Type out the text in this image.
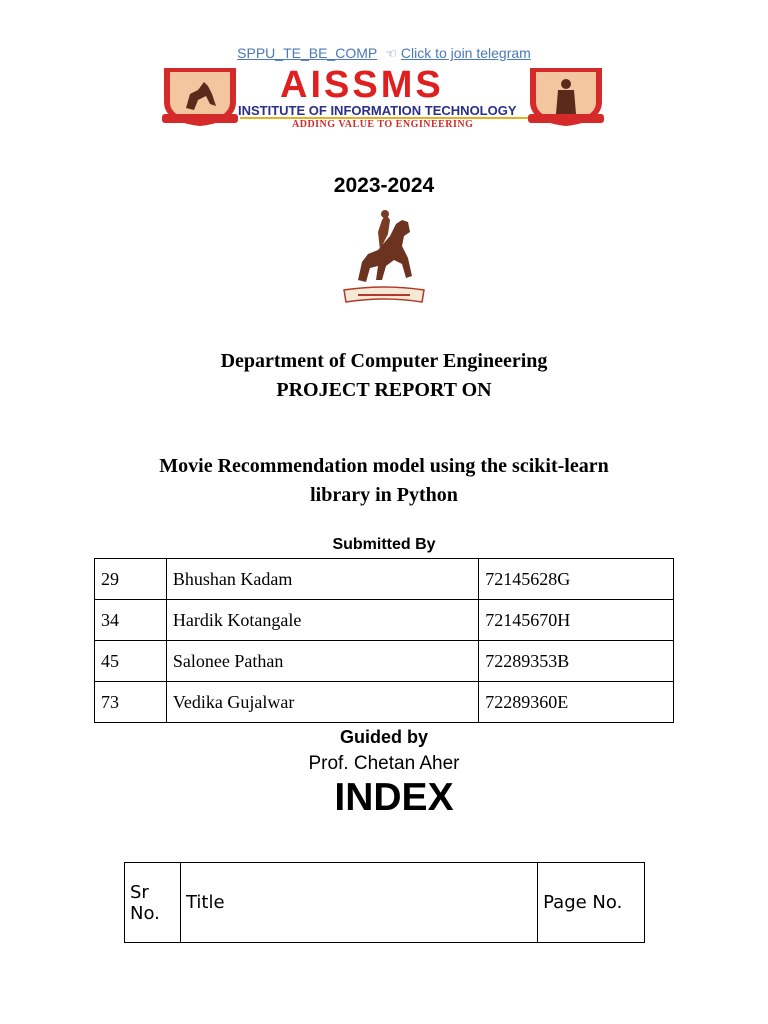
SPPU_TE_BE_COMP ☜ Click to join telegram
AISSMS
INSTITUTE OF INFORMATION TECHNOLOGY
ADDING VALUE TO ENGINEERING
2023-2024
Department of Computer Engineering
PROJECT REPORT ON
Movie Recommendation model using the scikit-learn
library in Python
Submitted By
29	Bhushan Kadam	72145628G
34	Hardik Kotangale	72145670H
45	Salonee Pathan	72289353B
73	Vedika Gujalwar	72289360E
Guided by
Prof. Chetan Aher
INDEX
Sr
No.	Title	Page No.
